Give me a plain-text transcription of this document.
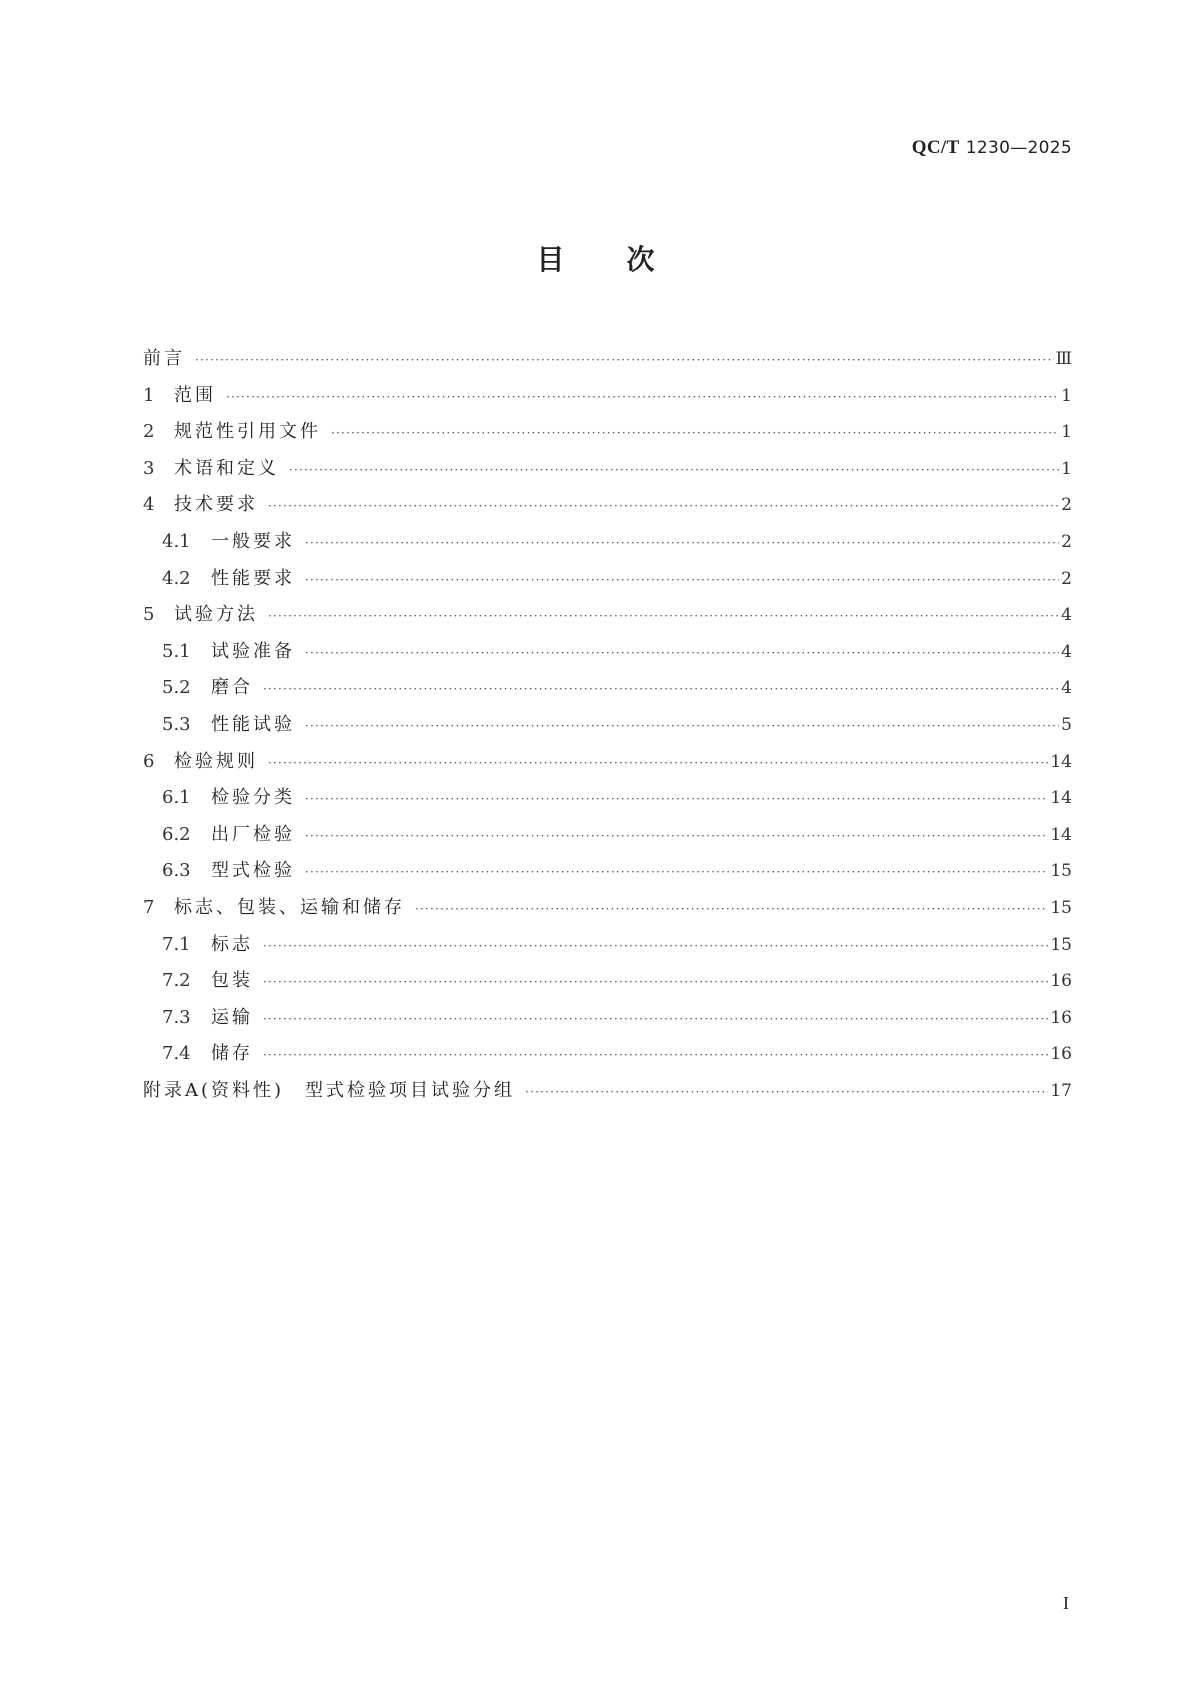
QC/T 1230—2025
目次
前言 ·····	Ⅲ
1	范围 ·····	1
2	规范性引用文件 ·····	1
3	术语和定义 ·····	1
4	技术要求 ·····	2
4.1	一般要求 ·····	2
4.2	性能要求 ·····	2
5	试验方法 ·····	4
5.1	试验准备 ·····	4
5.2	磨合 ·····	4
5.3	性能试验 ·····	5
6	检验规则 ·····	14
6.1	检验分类 ·····	14
6.2	出厂检验 ·····	14
6.3	型式检验 ·····	15
7	标志、包装、运输和储存 ·····	15
7.1	标志 ·····	15
7.2	包装 ·····	16
7.3	运输 ·····	16
7.4	储存 ·····	16
附录A(资料性)　型式检验项目试验分组 ·····	17
I
